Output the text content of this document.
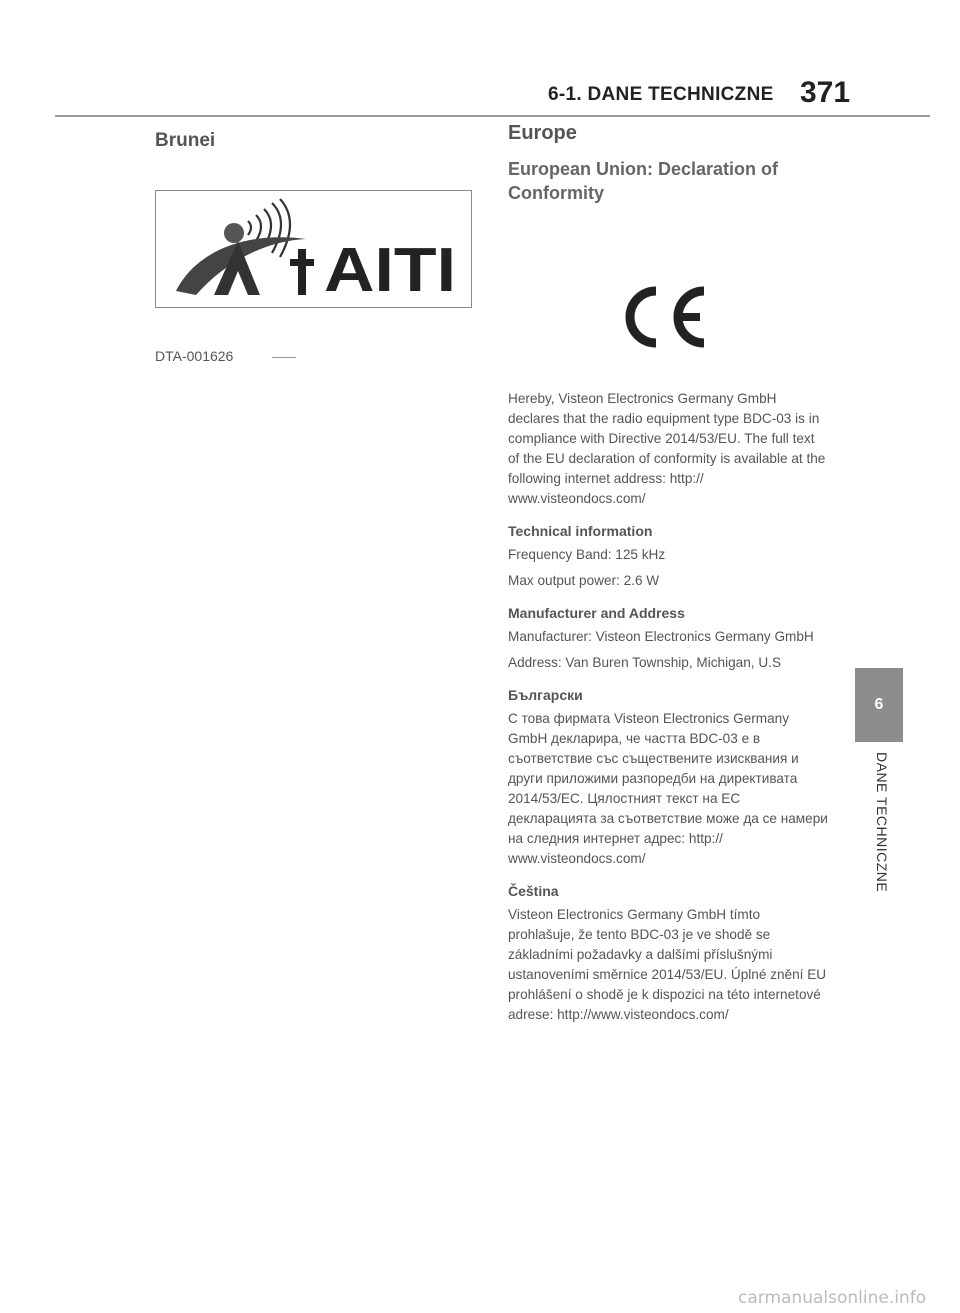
6-1. DANE TECHNICZNE 371
Brunei
AITI
DTA-001626
Europe
European Union: Declaration of Conformity

Hereby, Visteon Electronics Germany GmbH declares that the radio equipment type BDC-03 is in compliance with Directive 2014/53/EU. The full text of the EU declaration of conformity is available at the following internet address: http:// www.visteondocs.com/

Technical information

Frequency Band: 125 kHz

Max output power: 2.6 W

Manufacturer and Address

Manufacturer: Visteon Electronics Germany GmbH

Address: Van Buren Township, Michigan, U.S

Български

С това фирмата Visteon Electronics Germany GmbH декларира, че частта BDC-03 е в съответствие със съществените изисквания и други приложими разпоредби на директивата 2014/53/ЕС. Цялостният текст на ЕС декларацията за съответствие може да се намери на следния интернет адрес: http:// www.visteondocs.com/

Čeština

Visteon Electronics Germany GmbH tímto prohlašuje, že tento BDC-03 je ve shodě se základními požadavky a dalšími příslušnými ustanoveními směrnice 2014/53/EU. Úplné znění EU prohlášení o shodě je k dispozici na této internetové adrese: http://www.visteondocs.com/

6
DANE TECHNICZNE
carmanualsonline.info
